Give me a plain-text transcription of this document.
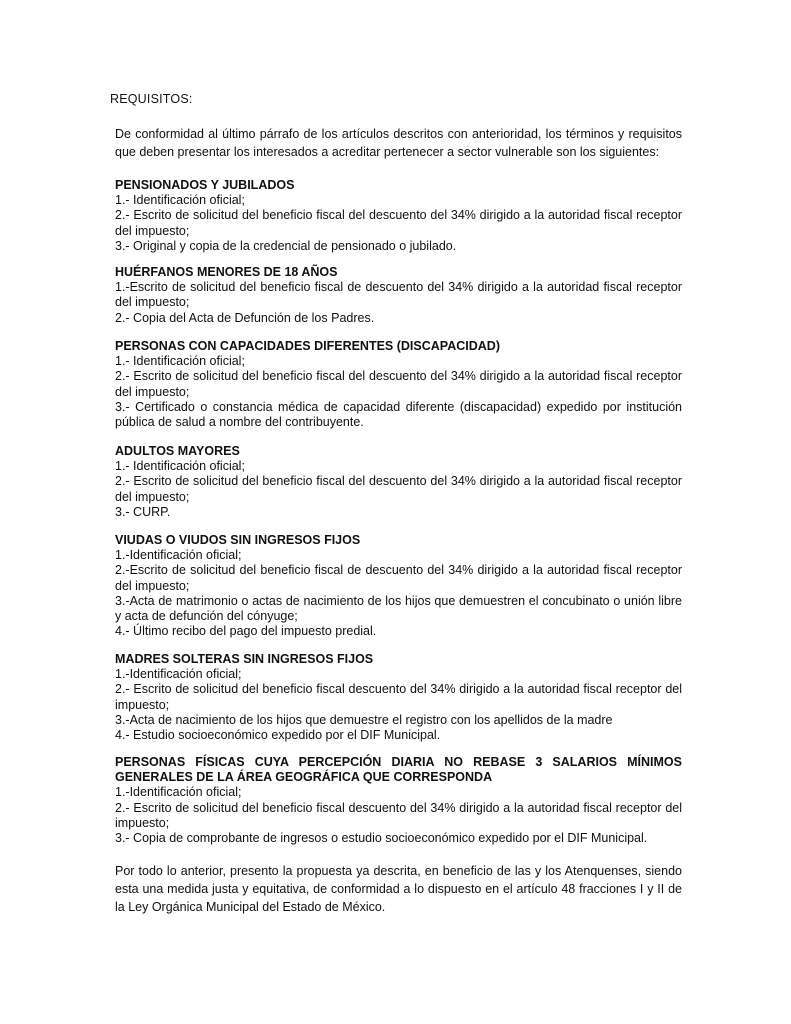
REQUISITOS:

De conformidad al último párrafo de los artículos descritos con anterioridad, los términos y requisitos que deben presentar los interesados a acreditar pertenecer a sector vulnerable son los siguientes:

PENSIONADOS Y JUBILADOS

1.- Identificación oficial;

2.- Escrito de solicitud del beneficio fiscal del descuento del 34% dirigido a la autoridad fiscal receptor del impuesto;

3.- Original y copia de la credencial de pensionado o jubilado.

HUÉRFANOS MENORES DE 18 AÑOS

1.-Escrito de solicitud del beneficio fiscal de descuento del 34% dirigido a la autoridad fiscal receptor del impuesto;

2.- Copia del Acta de Defunción de los Padres.

PERSONAS CON CAPACIDADES DIFERENTES (DISCAPACIDAD)

1.- Identificación oficial;

2.- Escrito de solicitud del beneficio fiscal del descuento del 34% dirigido a la autoridad fiscal receptor del impuesto;

3.- Certificado o constancia médica de capacidad diferente (discapacidad) expedido por institución pública de salud a nombre del contribuyente.

ADULTOS MAYORES

1.- Identificación oficial;

2.- Escrito de solicitud del beneficio fiscal del descuento del 34% dirigido a la autoridad fiscal receptor del impuesto;

3.- CURP.

VIUDAS O VIUDOS SIN INGRESOS FIJOS

1.-Identificación oficial;

2.-Escrito de solicitud del beneficio fiscal de descuento del 34% dirigido a la autoridad fiscal receptor del impuesto;

3.-Acta de matrimonio o actas de nacimiento de los hijos que demuestren el concubinato o unión libre y acta de defunción del cónyuge;

4.- Último recibo del pago del impuesto predial.

MADRES SOLTERAS SIN INGRESOS FIJOS

1.-Identificación oficial;

2.- Escrito de solicitud del beneficio fiscal descuento del 34% dirigido a la autoridad fiscal receptor del impuesto;

3.-Acta de nacimiento de los hijos que demuestre el registro con los apellidos de la madre

4.- Estudio socioeconómico expedido por el DIF Municipal.

PERSONAS FÍSICAS CUYA PERCEPCIÓN DIARIA NO REBASE 3 SALARIOS MÍNIMOS GENERALES DE LA ÁREA GEOGRÁFICA QUE CORRESPONDA

1.-Identificación oficial;

2.- Escrito de solicitud del beneficio fiscal descuento del 34% dirigido a la autoridad fiscal receptor del impuesto;

3.- Copia de comprobante de ingresos o estudio socioeconómico expedido por el DIF Municipal.

Por todo lo anterior, presento la propuesta ya descrita, en beneficio de las y los Atenquenses, siendo esta una medida justa y equitativa, de conformidad a lo dispuesto en el artículo 48 fracciones I y II de la Ley Orgánica Municipal del Estado de México.
